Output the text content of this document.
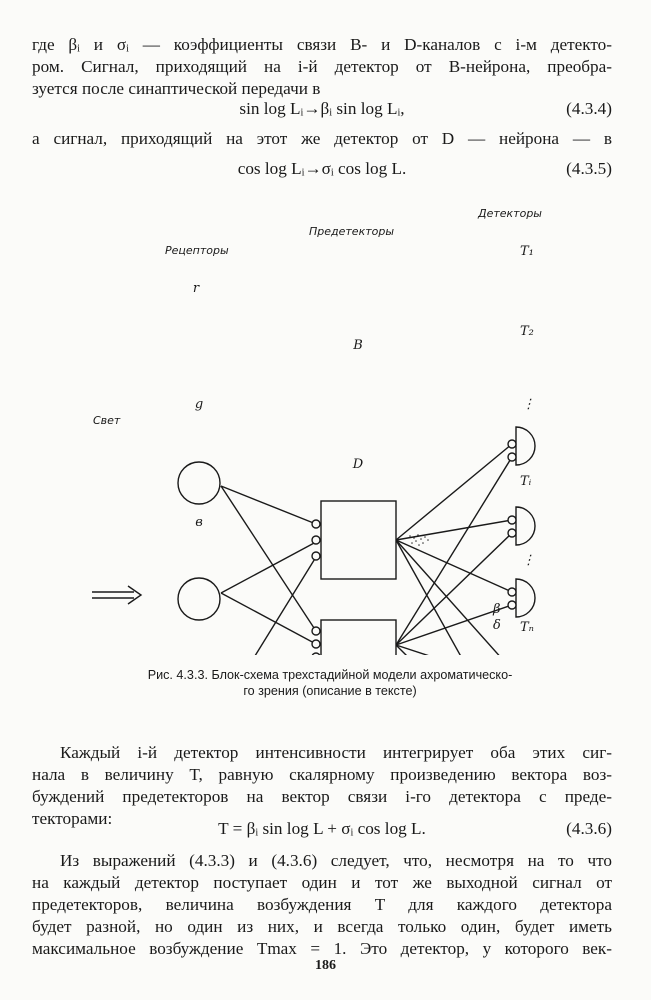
где βᵢ и σᵢ — коэффициенты связи B- и D-каналов с i-м детекто-
ром. Сигнал, приходящий на i-й детектор от B-нейрона, преобра-
зуется после синаптической передачи в

sin log Lᵢ→βᵢ sin log Lᵢ,	(4.3.4)

а сигнал, приходящий на этот же детектор от D — нейрона — в

cos log Lᵢ→σᵢ cos log L.	(4.3.5)
Рецепторы
Предетекторы
Детекторы
Свет
r
g
в
B
D
T₁
T₂
⋮
Tᵢ
⋮
Tₙ
β
δ
Рис. 4.3.3. Блок-схема трехстадийной модели ахроматическо-
го зрения (описание в тексте)

Каждый i-й детектор интенсивности интегрирует оба этих сиг-
нала в величину T, равную скалярному произведению вектора воз-
буждений предетекторов на вектор связи i-го детектора с преде-
текторами:

T = βᵢ sin log L + σᵢ cos log L.	(4.3.6)

Из выражений (4.3.3) и (4.3.6) следует, что, несмотря на то что
на каждый детектор поступает один и тот же выходной сигнал от
предетекторов, величина возбуждения T для каждого детектора
будет разной, но один из них, и всегда только один, будет иметь
максимальное возбуждение Tmax = 1. Это детектор, у которого век-

186
